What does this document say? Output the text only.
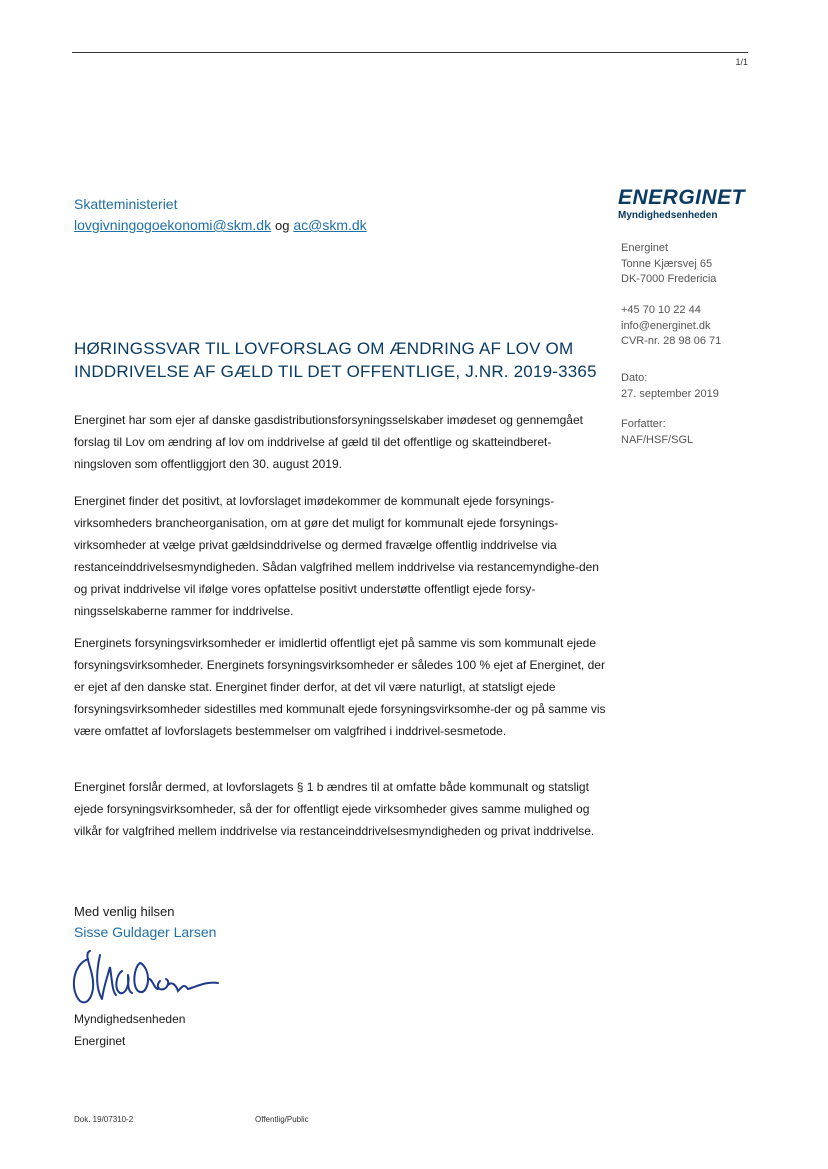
1/1
Skatteministeriet
lovgivningogoekonomi@skm.dk og ac@skm.dk
ENERGINET
Myndighedsenheden
Energinet
Tonne Kjærsvej 65
DK-7000 Fredericia
+45 70 10 22 44
info@energinet.dk
CVR-nr. 28 98 06 71
Dato:
27. september 2019
Forfatter:
NAF/HSF/SGL
HØRINGSSVAR TIL LOVFORSLAG OM ÆNDRING AF LOV OM
INDDRIVELSE AF GÆLD TIL DET OFFENTLIGE, J.NR. 2019-3365

Energinet har som ejer af danske gasdistributionsforsyningsselskaber imødeset og gennemgået forslag til Lov om ændring af lov om inddrivelse af gæld til det offentlige og skatteindberet-ningsloven som offentliggjort den 30. august 2019.

Energinet finder det positivt, at lovforslaget imødekommer de kommunalt ejede forsynings-virksomheders brancheorganisation, om at gøre det muligt for kommunalt ejede forsynings-virksomheder at vælge privat gældsinddrivelse og dermed fravælge offentlig inddrivelse via restanceinddrivelsesmyndigheden. Sådan valgfrihed mellem inddrivelse via restancemyndighe-den og privat inddrivelse vil ifølge vores opfattelse positivt understøtte offentligt ejede forsy-ningsselskaberne rammer for inddrivelse.

Energinets forsyningsvirksomheder er imidlertid offentligt ejet på samme vis som kommunalt ejede forsyningsvirksomheder. Energinets forsyningsvirksomheder er således 100 % ejet af Energinet, der er ejet af den danske stat. Energinet finder derfor, at det vil være naturligt, at statsligt ejede forsyningsvirksomheder sidestilles med kommunalt ejede forsyningsvirksomhe-der og på samme vis være omfattet af lovforslagets bestemmelser om valgfrihed i inddrivel-sesmetode.

Energinet forslår dermed, at lovforslagets § 1 b ændres til at omfatte både kommunalt og statsligt ejede forsyningsvirksomheder, så der for offentligt ejede virksomheder gives samme mulighed og vilkår for valgfrihed mellem inddrivelse via restanceinddrivelsesmyndigheden og privat inddrivelse.

Med venlig hilsen
Sisse Guldager Larsen
Myndighedsenheden
Energinet
Dok. 19/07310-2	Offentlig/Public
